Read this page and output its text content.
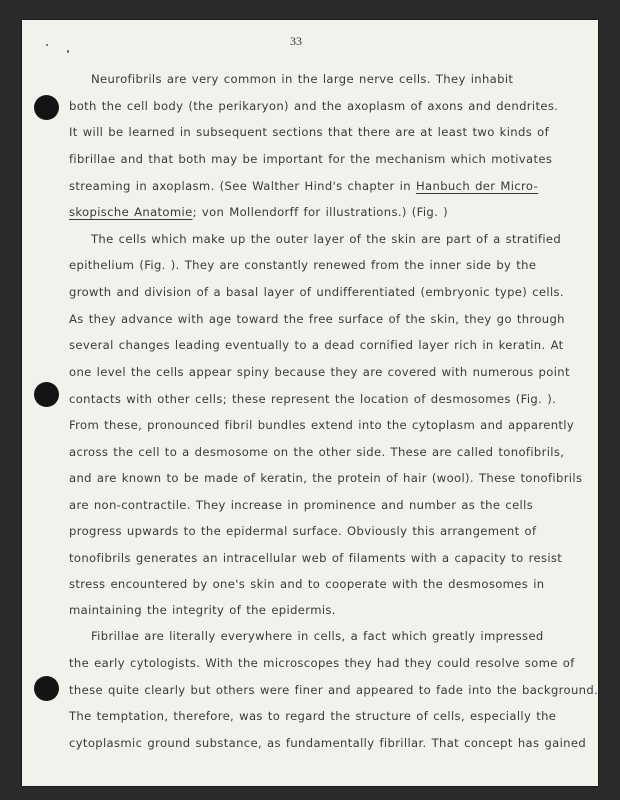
33
Neurofibrils are very common in the large nerve cells. They inhabit
both the cell body (the perikaryon) and the axoplasm of axons and dendrites.
It will be learned in subsequent sections that there are at least two kinds of
fibrillae and that both may be important for the mechanism which motivates
streaming in axoplasm. (See Walther Hind's chapter in Hanbuch der Micro-
skopische Anatomie; von Mollendorff for illustrations.) (Fig. )
The cells which make up the outer layer of the skin are part of a stratified
epithelium (Fig. ). They are constantly renewed from the inner side by the
growth and division of a basal layer of undifferentiated (embryonic type) cells.
As they advance with age toward the free surface of the skin, they go through
several changes leading eventually to a dead cornified layer rich in keratin. At
one level the cells appear spiny because they are covered with numerous point
contacts with other cells; these represent the location of desmosomes (Fig. ).
From these, pronounced fibril bundles extend into the cytoplasm and apparently
across the cell to a desmosome on the other side. These are called tonofibrils,
and are known to be made of keratin, the protein of hair (wool). These tonofibrils
are non-contractile. They increase in prominence and number as the cells
progress upwards to the epidermal surface. Obviously this arrangement of
tonofibrils generates an intracellular web of filaments with a capacity to resist
stress encountered by one's skin and to cooperate with the desmosomes in
maintaining the integrity of the epidermis.
Fibrillae are literally everywhere in cells, a fact which greatly impressed
the early cytologists. With the microscopes they had they could resolve some of
these quite clearly but others were finer and appeared to fade into the background.
The temptation, therefore, was to regard the structure of cells, especially the
cytoplasmic ground substance, as fundamentally fibrillar. That concept has gained
